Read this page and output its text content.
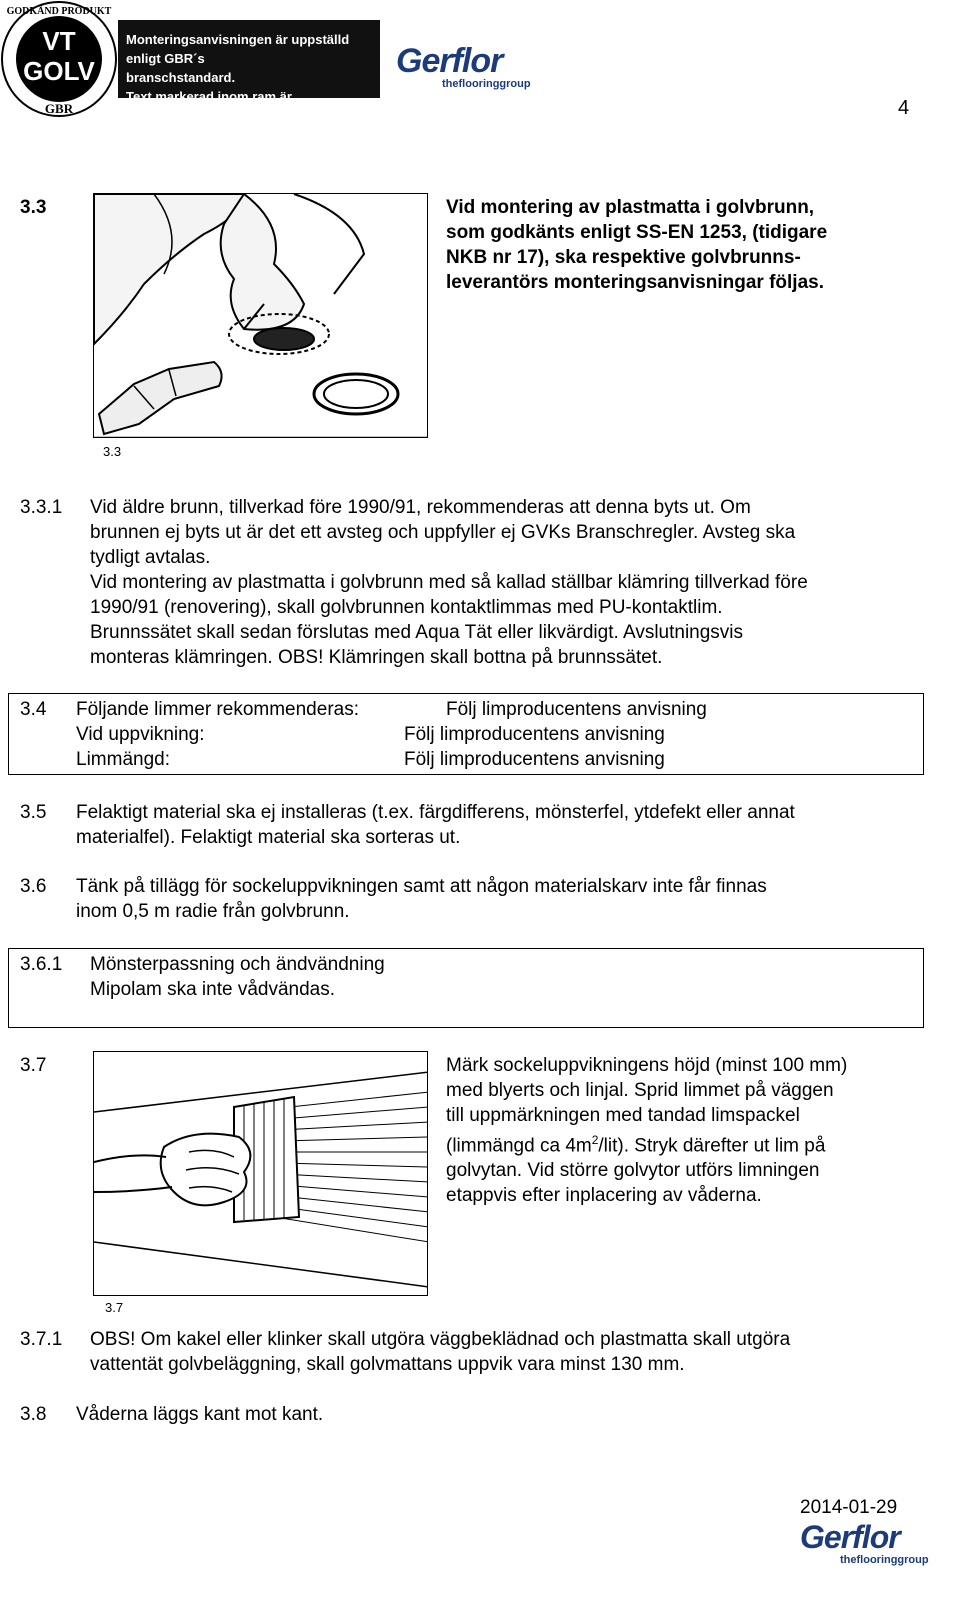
VT
GOLV
GODKÄND PRODUKT
GBR
Monteringsanvisningen är uppställd enligt GBR´s
branschstandard.
Text markerad inom ram är produktspecifik.
Gerflor
theflooringgroup
4
3.3	Vid montering av plastmatta i golvbrunn,
som godkänts enligt SS-EN 1253, (tidigare
NKB nr 17), ska respektive golvbrunns-
leverantörs monteringsanvisningar följas.
3.3
3.3.1 Vid äldre brunn, tillverkad före 1990/91, rekommenderas att denna byts ut. Om
brunnen ej byts ut är det ett avsteg och uppfyller ej GVKs Branschregler. Avsteg ska
tydligt avtalas.
Vid montering av plastmatta i golvbrunn med så kallad ställbar klämring tillverkad före
1990/91 (renovering), skall golvbrunnen kontaktlimmas med PU-kontaktlim.
Brunnssätet skall sedan förslutas med Aqua Tät eller likvärdigt. Avslutningsvis
monteras klämringen. OBS! Klämringen skall bottna på brunnssätet.
3.4 Följande limmer rekommenderas:	Följ limproducentens anvisning
Vid uppvikning:	Följ limproducentens anvisning
Limmängd:	Följ limproducentens anvisning
3.5 Felaktigt material ska ej installeras (t.ex. färgdifferens, mönsterfel, ytdefekt eller annat
materialfel). Felaktigt material ska sorteras ut.
3.6 Tänk på tillägg för sockeluppvikningen samt att någon materialskarv inte får finnas
inom 0,5 m radie från golvbrunn.
3.6.1 Mönsterpassning och ändvändning
Mipolam ska inte vådvändas.
3.7	Märk sockeluppvikningens höjd (minst 100 mm)
med blyerts och linjal. Sprid limmet på väggen
till uppmärkningen med tandad limspackel
(limmängd ca $4m^2/lit$). Stryk därefter ut lim på
golvytan. Vid större golvytor utförs limningen
etappvis efter inplacering av våderna.
3.7
3.7.1 OBS! Om kakel eller klinker skall utgöra väggbeklädnad och plastmatta skall utgöra
vattentät golvbeläggning, skall golvmattans uppvik vara minst 130 mm.
3.8 Våderna läggs kant mot kant.
2014-01-29
Gerflor
theflooringgroup
